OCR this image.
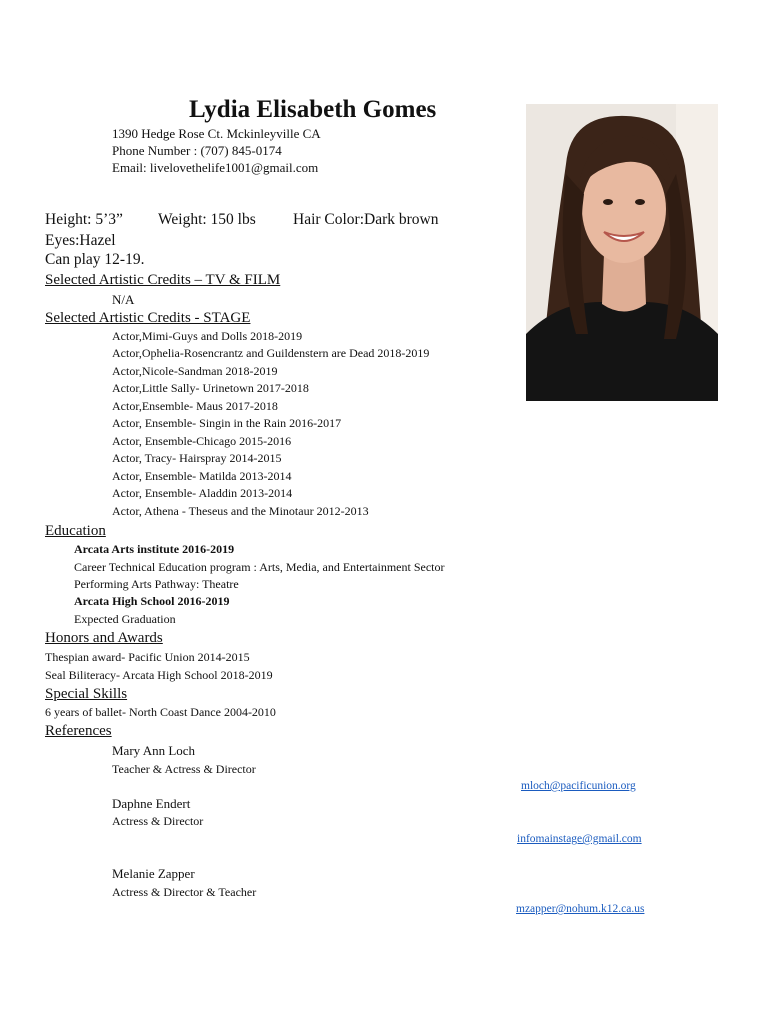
Lydia Elisabeth Gomes
1390 Hedge Rose Ct. Mckinleyville CA
Phone Number : (707) 845-0174
Email: livelovethelife1001@gmail.com
Height: 5’3” Weight: 150 lbs Hair Color:Dark brown
Eyes:Hazel
Can play 12-19.
Selected Artistic Credits – TV & FILM
N/A
Selected Artistic Credits - STAGE
Actor,Mimi-Guys and Dolls 2018-2019
Actor,Ophelia-Rosencrantz and Guildenstern are Dead 2018-2019
Actor,Nicole-Sandman 2018-2019
Actor,Little Sally- Urinetown 2017-2018
Actor,Ensemble- Maus 2017-2018
Actor, Ensemble- Singin in the Rain 2016-2017
Actor, Ensemble-Chicago 2015-2016
Actor, Tracy- Hairspray 2014-2015
Actor, Ensemble- Matilda 2013-2014
Actor, Ensemble- Aladdin 2013-2014
Actor, Athena - Theseus and the Minotaur 2012-2013
Education
Arcata Arts institute 2016-2019
Career Technical Education program : Arts, Media, and Entertainment Sector
Performing Arts Pathway: Theatre
Arcata High School 2016-2019
Expected Graduation
Honors and Awards
Thespian award- Pacific Union 2014-2015
Seal Biliteracy- Arcata High School 2018-2019
Special Skills
6 years of ballet- North Coast Dance 2004-2010
References
Mary Ann Loch
Teacher & Actress & Director
mloch@pacificunion.org
Daphne Endert
Actress & Director
infomainstage@gmail.com
Melanie Zapper
Actress & Director & Teacher
mzapper@nohum.k12.ca.us
